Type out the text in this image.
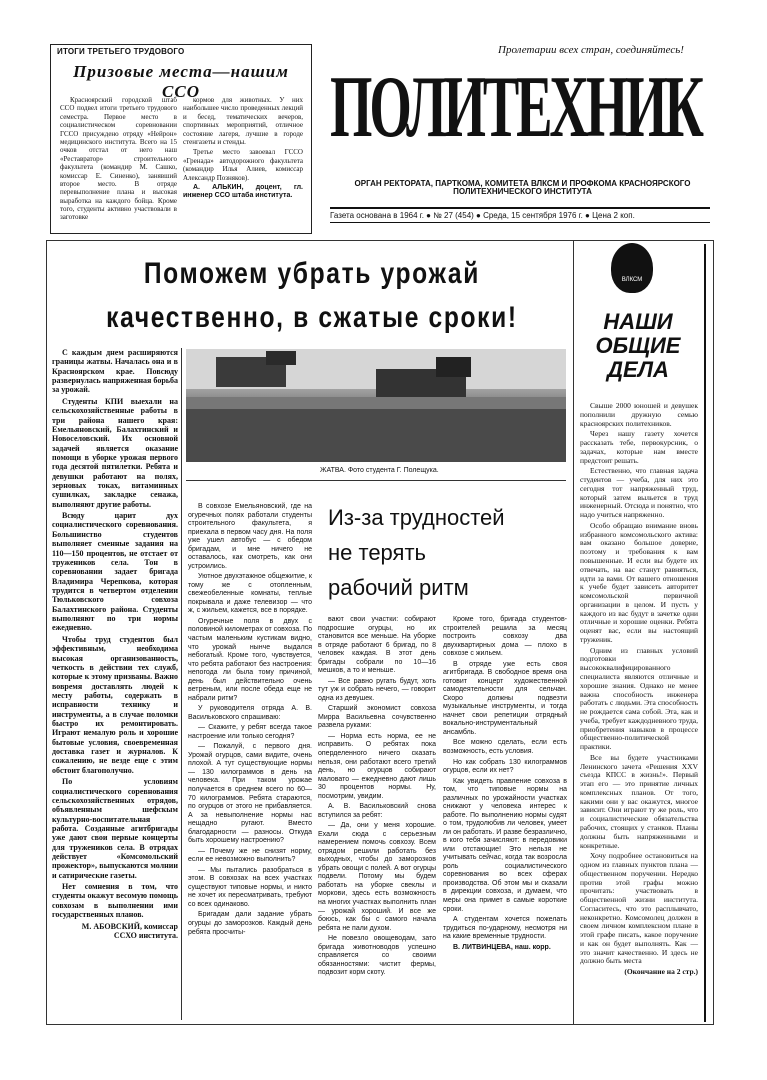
ИТОГИ ТРЕТЬЕГО ТРУДОВОГО
Призовые места—нашим ССО

Красноярский городской штаб ССО подвел итоги третьего трудового семестра. Первое место в социалистическом соревновании ГССО присуждено отряду «Нейрон» медицинского института. Всего на 15 очков отстал от него наш «Реставратор» строительного факультета (командир М. Сашко, комиссар Е. Синенко), занявший второе место. В отряде перевыполнение плана и высокая выработка на каждого бойца. Кроме того, студенты активно участвовали в заготовке

кормов для животных. У них наибольшее число проведенных лекций и бесед, тематических вечеров, спортивных мероприятий, отличное состояние лагеря, лучшие в городе стенгазеты и стенды.

Третье место завоевал ГССО «Гренада» автодорожного факультета (командир Илья Алиев, комиссар Александр Позняков).

А. АЛЬКИН, доцент, гл. инженер ССО штаба института.

Пролетарии всех стран, соединяйтесь!
ПОЛИТЕХНИК
ОРГАН РЕКТОРАТА, ПАРТКОМА, КОМИТЕТА ВЛКСМ И ПРОФКОМА КРАСНОЯРСКОГО ПОЛИТЕХНИЧЕСКОГО ИНСТИТУТА
Газета основана в 1964 г. ● № 27 (454) ● Среда, 15 сентября 1976 г. ● Цена 2 коп.
Поможем убрать урожай
качественно, в сжатые сроки!

С каждым днем расширяются границы жатвы. Началась она и в Красноярском крае. Повсюду развернулась напряженная борьба за урожай.

Студенты КПИ выехали на сельскохозяйственные работы в три района нашего края: Емельяновский, Балахтинский и Новоселовский. Их основной задачей является оказание помощи в уборке урожая первого года десятой пятилетки. Ребята и девушки работают на полях, зерновых токах, витаминных сушилках, закладке сенажа, выполняют другие работы.

Всюду царит дух социалистического соревнования. Большинство студентов выполняет сменные задания на 110—150 процентов, не отстает от тружеников села. Тон в соревновании задает бригада Владимира Черепкова, которая трудится в четвертом отделении Тюльковского совхоза Балахтинского района. Студенты выполняют по три нормы ежедневно.

Чтобы труд студентов был эффективным, необходима высокая организованность, четкость в действии тех служб, которые к этому призваны. Важно вовремя доставлять людей к месту работы, содержать в исправности технику и инструменты, а в случае поломки быстро их ремонтировать. Играют немалую роль и хорошие бытовые условия, своевременная доставка газет и журналов. К сожалению, не везде еще с этим обстоит благополучно.

По условиям социалистического соревнования сельскохозяйственных отрядов, объявленным шефскым культурно-воспитательная работа. Созданные агитбригады уже дают свои первые концерты для тружеников села. В отрядах действует «Комсомольский прожектор», выпускаются молнии и сатирические газеты.

Нет сомнения в том, что студенты окажут весомую помощь совхозам в выполнении ими государственных планов.

М. АБОВСКИЙ, комиссар ССХО института.

ЖАТВА. Фото студента Г. Полещука.
Из-за трудностей
не терять
рабочий ритм

В совхозе Емельяновский, где на огуречных полях работали студенты строительного факультета, я приехала в первом часу дня. На поля уже ушел автобус — с обедом бригадам, и мне ничего не оставалось, как смотреть, как они устроились.

Уютное двухэтажное общежитие, к тому же с отопленным, свежеобеленные комнаты, теплые покрывала и даже телевизор — что ж, с жильем, кажется, все в порядке.

Огуречные поля в двух с половиной километрах от совхоза. По частым маленьким кустикам видно, что урожай нынче выдался небогатый. Кроме того, чувствуется, что ребята работают без настроения: непогода ли была тому причиной, день был действительно очень ветреным, или после обеда еще не набрали ритм?

У руководителя отряда А. В. Васильковского спрашиваю:

— Скажите, у ребят всегда такое настроение или только сегодня?

— Пожалуй, с первого дня. Урожай огурцов, сами видите, очень плохой. А тут существующие нормы — 130 килограммов в день на человека. При таком урожае получается в среднем всего по 60—70 килограммов. Ребята стараются, по огурцов от этого не прибавляется. А за невыполнение нормы нас нещадно ругают. Вместо благодарности — разносы. Откуда быть хорошему настроению?

— Почему же не снизят норму, если ее невозможно выполнить?

— Мы пытались разобраться в этом. В совхозах на всех участках существуют типовые нормы, и никто не хочет их пересматривать, требуют со всех одинаково.

Бригадам дали задание убрать огурцы до заморозков. Каждый день ребята просчиты-

вают свои участки: собирают подросшие огурцы, но их становится все меньше. На уборке в отряде работают 6 бригад, по 8 человек каждая. В этот день бригады собрали по 10—16 мешков, а то и меньше.

— Все равно ругать будут, хоть тут уж и собрать нечего, — говорит одна из девушек.

Старший экономист совхоза Мирра Васильевна сочувственно развела руками:

— Норма есть норма, ее не исправить. О ребятах пока оперделенного ничего сказать нельзя, они работают всего третий день, но огурцов собирают маловато — ежедневно дают лишь 30 процентов нормы. Ну, посмотрим, увидим.

А. В. Васильковский снова вступился за ребят:

— Да, они у меня хорошие. Ехали сюда с серьезным намерением помочь совхозу. Всем отрядом решили работать без выходных, чтобы до заморозков убрать овощи с полей. А вот огурцы подвели. Потому мы будем работать на уборке свеклы и моркови, здесь есть возможность на многих участках выполнить план — урожай хороший. И все же боюсь, как бы с самого начала ребята не пали духом.

Не повезло овощеводам, зато бригада животноводов успешно справляется со своими обязанностями: чистит фермы, подвозит корм скоту.

Кроме того, бригада студентов-строителей решила за месяц построить совхозу два двухквартирных дома — плохо в совхозе с жильем.

В отряде уже есть своя агитбригада. В свободное время она готовит концерт художественной самодеятельности для сельчан. Скоро должны подвезти музыкальные инструменты, и тогда начнет свои репетиции отрядный вокально-инструментальный ансамбль.

Все можно сделать, если есть возможность, есть условия.

Но как собрать 130 килограммов огурцов, если их нет?

Как увидеть правление совхоза в том, что типовые нормы на различных по урожайности участках снижают у человека интерес к работе. По выполнению нормы судят о том, трудолюбив ли человек, умеет ли он работать. И разве безразлично, в кого тебя зачисляют: в передовики или отстающие! Это нельзя не учитывать сейчас, когда так возросла роль социалистического соревнования во всех сферах производства. Об этом мы и сказали в дирекции совхоза, и думаем, что меры она примет в самые короткие сроки.

А студентам хочется пожелать трудиться по-ударному, несмотря ни на какие временные трудности.

В. ЛИТВИНЦЕВА, наш. корр.

ВЛКСМ
НАШИ
ОБЩИЕ
ДЕЛА

Свыше 2000 юношей и девушек пополнили дружную семью красноярских политехников.

Через нашу газету хочется рассказать тебе, первокурсник, о задачах, которые нам вместе предстоит решать.

Естественно, что главная задача студентов — учеба, для них это сегодня тот напряженный труд, который затем выльется в труд инженерный. Отсюда и понятно, что надо учиться напряженно.

Особо обращаю внимание вновь избранного комсомольского актива: вам оказано большое доверие, поэтому и требования к вам повышенные. И если вы будете их отвечать, на вас станут равняться, идти за вами. От вашего отношения к учебе будет зависеть авторитет комсомольской первичной организации в целом. И пусть у каждого из вас будут в зачетке одни отличные и хорошие оценки. Ребята оценят вас, если вы настоящий труженик.

Одним из главных условий подготовки высококвалифицированного специалиста являются отличные и хорошие знания. Однако не менее важна способность инженера работать с людьми. Эта способность не рождается сама собой. Эта, как и учеба, требует каждодневного труда, приобретения навыков в процессе общественно-политической практики.

Все вы будете участниками Ленинского зачета «Решения XXV съезда КПСС в жизнь!». Первый этап его — это принятие личных комплексных планов. От того, какими они у вас окажутся, многое зависит. Они играют ту же роль, что и социалистические обязательства рабочих, стоящих у станков. Планы должны быть напряженными и конкретные.

Хочу подробнее остановиться на одном из главных пунктов плана — общественном поручении. Нередко против этой графы можно прочитать: участвовать в общественной жизни института. Согласитесь, что это расплывчато, неконкретно. Комсомолец должен в своем личном комплексном плане в этой графе писать, какое поручение и как он будет выполнять. Как — это значит качественно. И здесь не должно быть места

(Окончание на 2 стр.)
